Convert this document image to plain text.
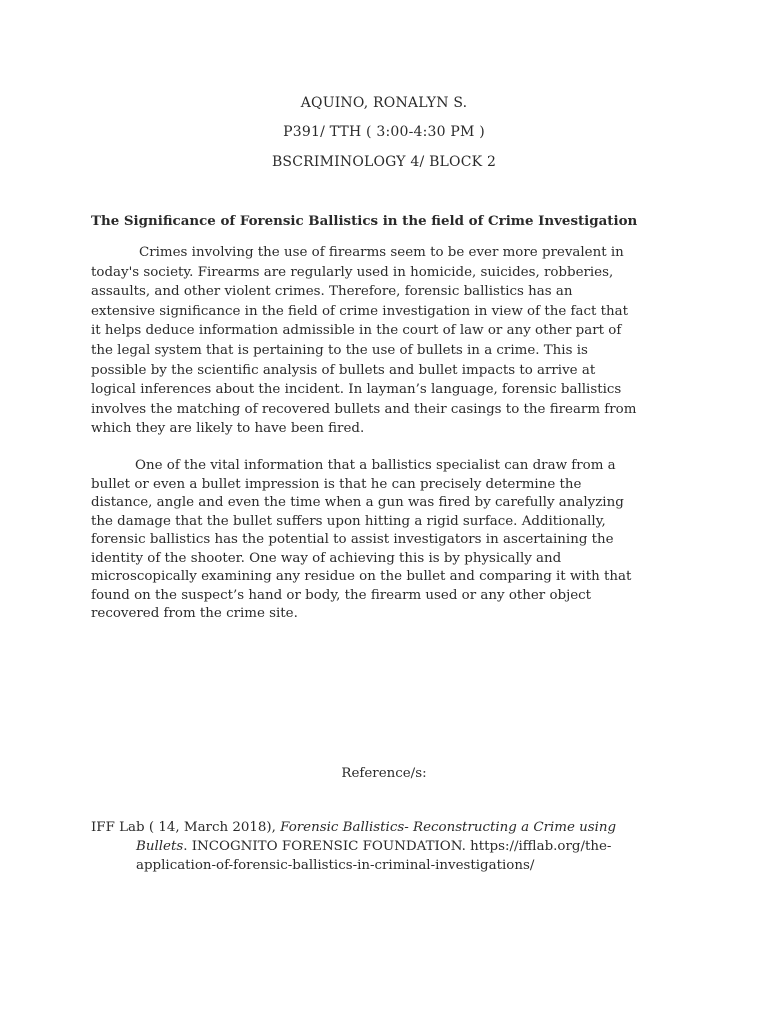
AQUINO, RONALYN S.
P391/ TTH ( 3:00-4:30 PM )
BSCRIMINOLOGY 4/ BLOCK 2
The Significance of Forensic Ballistics in the field of Crime Investigation
Crimes involving the use of firearms seem to be ever more prevalent in
today's society. Firearms are regularly used in homicide, suicides, robberies,
assaults, and other violent crimes. Therefore, forensic ballistics has an
extensive significance in the field of crime investigation in view of the fact that
it helps deduce information admissible in the court of law or any other part of
the legal system that is pertaining to the use of bullets in a crime. This is
possible by the scientific analysis of bullets and bullet impacts to arrive at
logical inferences about the incident. In layman’s language, forensic ballistics
involves the matching of recovered bullets and their casings to the firearm from
which they are likely to have been fired.
One of the vital information that a ballistics specialist can draw from a
bullet or even a bullet impression is that he can precisely determine the
distance, angle and even the time when a gun was fired by carefully analyzing
the damage that the bullet suffers upon hitting a rigid surface. Additionally,
forensic ballistics has the potential to assist investigators in ascertaining the
identity of the shooter. One way of achieving this is by physically and
microscopically examining any residue on the bullet and comparing it with that
found on the suspect’s hand or body, the firearm used or any other object
recovered from the crime site.
Reference/s:
IFF Lab ( 14, March 2018), Forensic Ballistics- Reconstructing a Crime using
Bullets. INCOGNITO FORENSIC FOUNDATION. https://ifflab.org/the-
application-of-forensic-ballistics-in-criminal-investigations/
